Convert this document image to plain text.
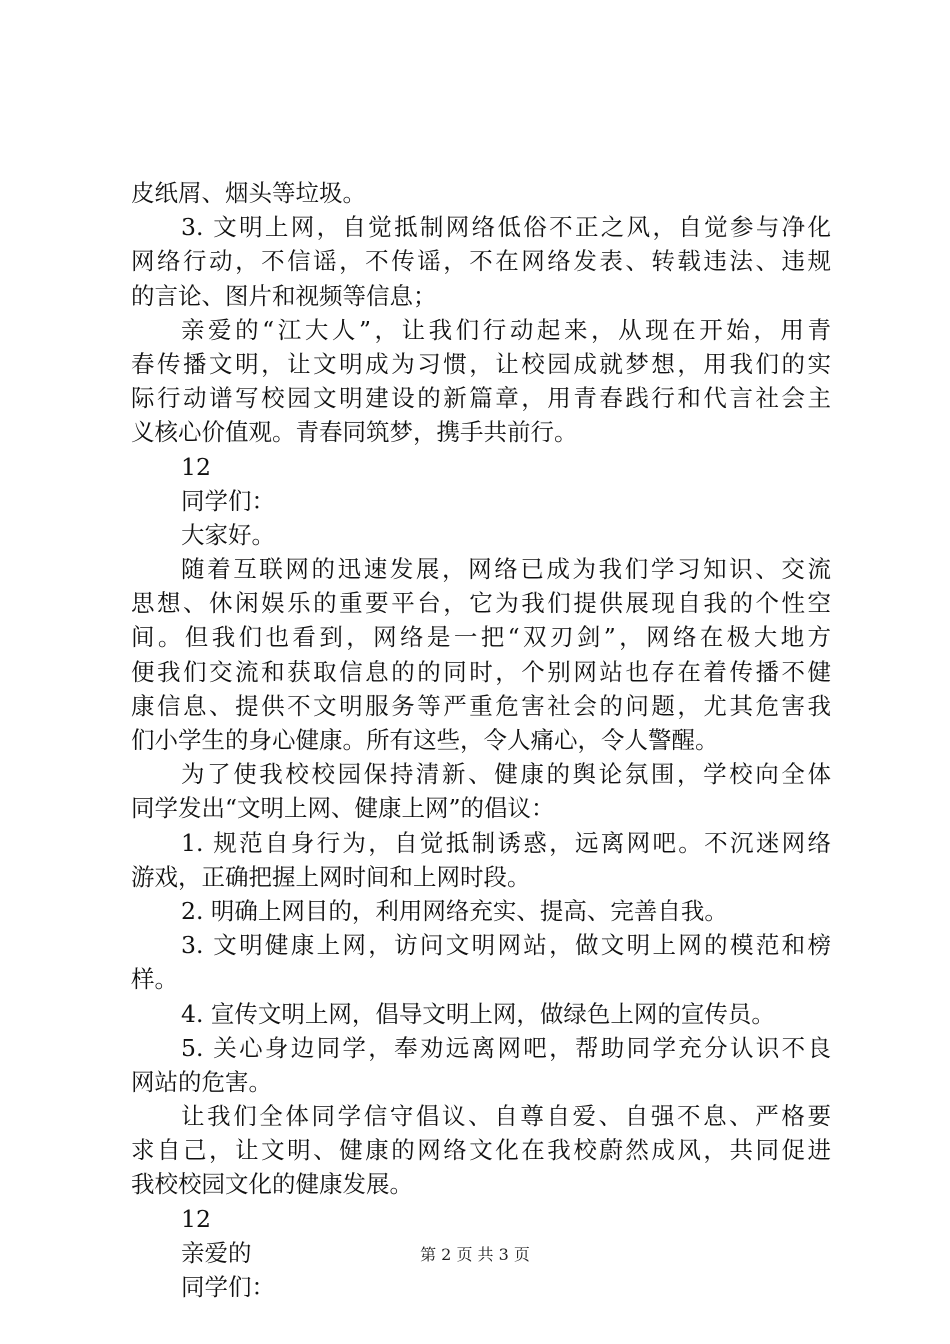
皮纸屑、烟头等垃圾。
3. 文明上网，自觉抵制网络低俗不正之风，自觉参与净化
网络行动，不信谣，不传谣，不在网络发表、转载违法、违规
的言论、图片和视频等信息；
亲爱的“江大人”，让我们行动起来，从现在开始，用青
春传播文明，让文明成为习惯，让校园成就梦想，用我们的实
际行动谱写校园文明建设的新篇章，用青春践行和代言社会主
义核心价值观。青春同筑梦，携手共前行。
12
同学们：
大家好。
随着互联网的迅速发展，网络已成为我们学习知识、交流
思想、休闲娱乐的重要平台，它为我们提供展现自我的个性空
间。但我们也看到，网络是一把“双刃剑”，网络在极大地方
便我们交流和获取信息的的同时，个别网站也存在着传播不健
康信息、提供不文明服务等严重危害社会的问题，尤其危害我
们小学生的身心健康。所有这些，令人痛心，令人警醒。
为了使我校校园保持清新、健康的舆论氛围，学校向全体
同学发出“文明上网、健康上网”的倡议：
1. 规范自身行为，自觉抵制诱惑，远离网吧。不沉迷网络
游戏，正确把握上网时间和上网时段。
2. 明确上网目的，利用网络充实、提高、完善自我。
3. 文明健康上网，访问文明网站，做文明上网的模范和榜
样。
4. 宣传文明上网，倡导文明上网，做绿色上网的宣传员。
5. 关心身边同学，奉劝远离网吧，帮助同学充分认识不良
网站的危害。
让我们全体同学信守倡议、自尊自爱、自强不息、严格要
求自己，让文明、健康的网络文化在我校蔚然成风，共同促进
我校校园文化的健康发展。
12
亲爱的
同学们：
第 2 页 共 3 页
